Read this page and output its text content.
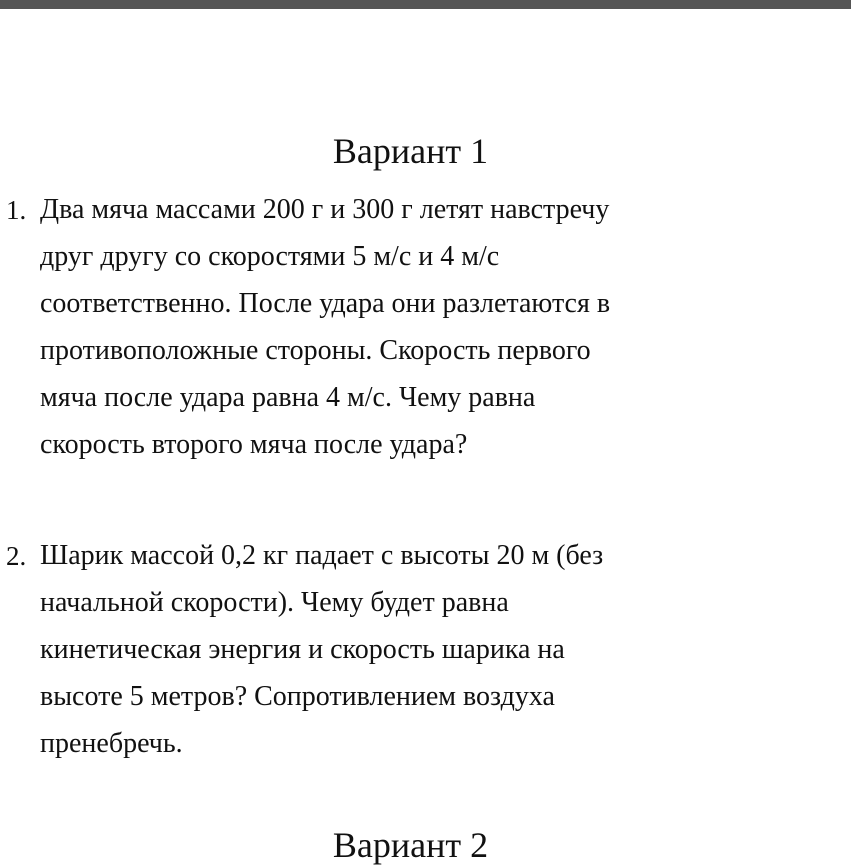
Вариант 1
1. Два мяча массами 200 г и 300 г летят навстречу
друг другу со скоростями 5 м/с и 4 м/с
соответственно. После удара они разлетаются в
противоположные стороны. Скорость первого
мяча после удара равна 4 м/с. Чему равна
скорость второго мяча после удара?
2. Шарик массой 0,2 кг падает с высоты 20 м (без
начальной скорости). Чему будет равна
кинетическая энергия и скорость шарика на
высоте 5 метров? Сопротивлением воздуха
пренебречь.
Вариант 2
